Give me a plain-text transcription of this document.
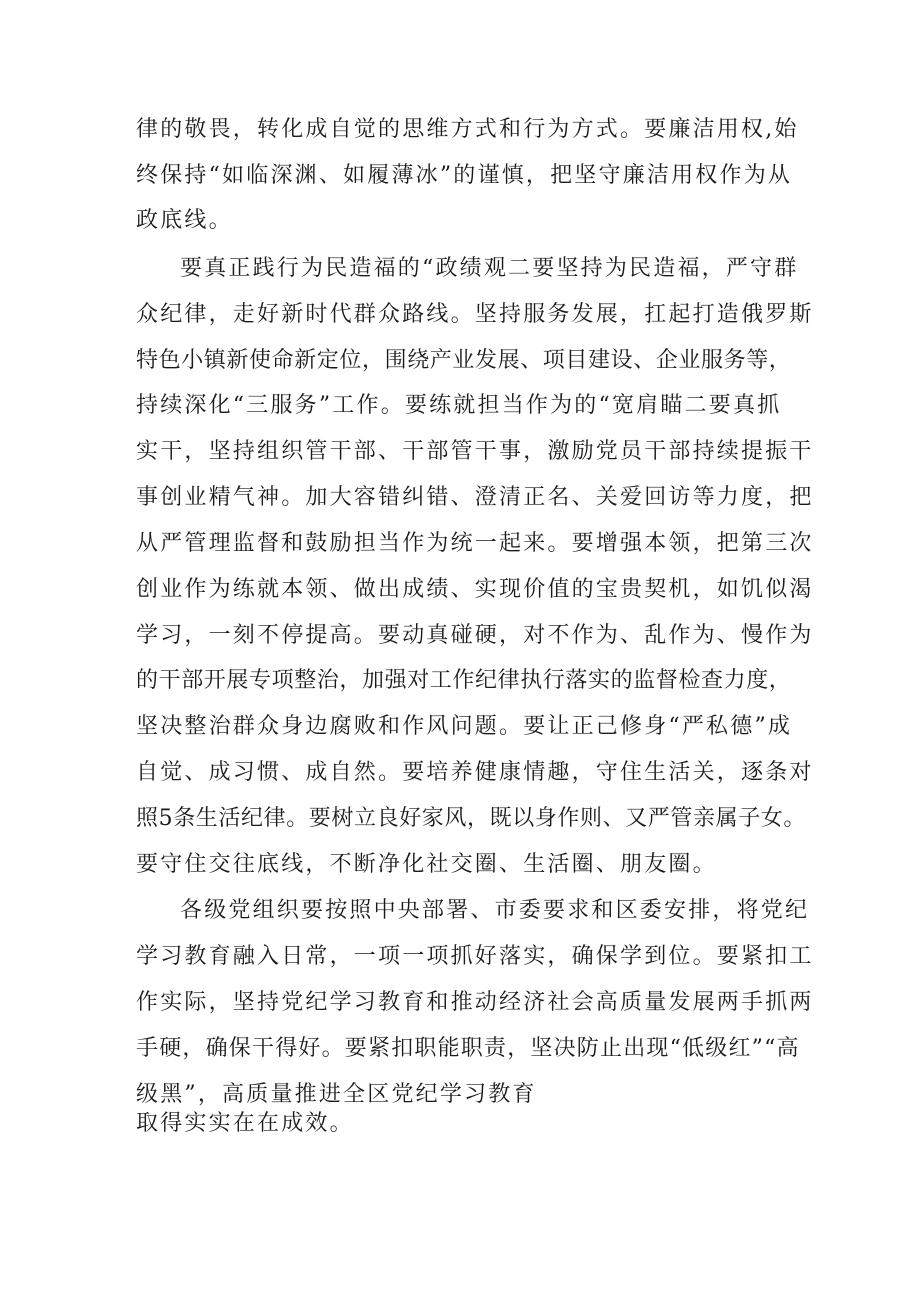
律的敬畏，转化成自觉的思维方式和行为方式。要廉洁用权,始
终保持“如临深渊、如履薄冰”的谨慎，把坚守廉洁用权作为从
政底线。
要真正践行为民造福的“政绩观二要坚持为民造福，严守群
众纪律，走好新时代群众路线。坚持服务发展，扛起打造俄罗斯
特色小镇新使命新定位，围绕产业发展、项目建设、企业服务等，
持续深化“三服务”工作。要练就担当作为的“宽肩瞄二要真抓
实干，坚持组织管干部、干部管干事，激励党员干部持续提振干
事创业精气神。加大容错纠错、澄清正名、关爱回访等力度，把
从严管理监督和鼓励担当作为统一起来。要增强本领，把第三次
创业作为练就本领、做出成绩、实现价值的宝贵契机，如饥似渴
学习，一刻不停提高。要动真碰硬，对不作为、乱作为、慢作为
的干部开展专项整治，加强对工作纪律执行落实的监督检查力度，
坚决整治群众身边腐败和作风问题。要让正己修身“严私德”成
自觉、成习惯、成自然。要培养健康情趣，守住生活关，逐条对
照5条生活纪律。要树立良好家风，既以身作则、又严管亲属子女。
要守住交往底线，不断净化社交圈、生活圈、朋友圈。
各级党组织要按照中央部署、市委要求和区委安排，将党纪
学习教育融入日常，一项一项抓好落实，确保学到位。要紧扣工
作实际，坚持党纪学习教育和推动经济社会高质量发展两手抓两
手硬，确保干得好。要紧扣职能职责，坚决防止出现“低级红”“高
级黑”，高质量推进全区党纪学习教育
取得实实在在成效。
